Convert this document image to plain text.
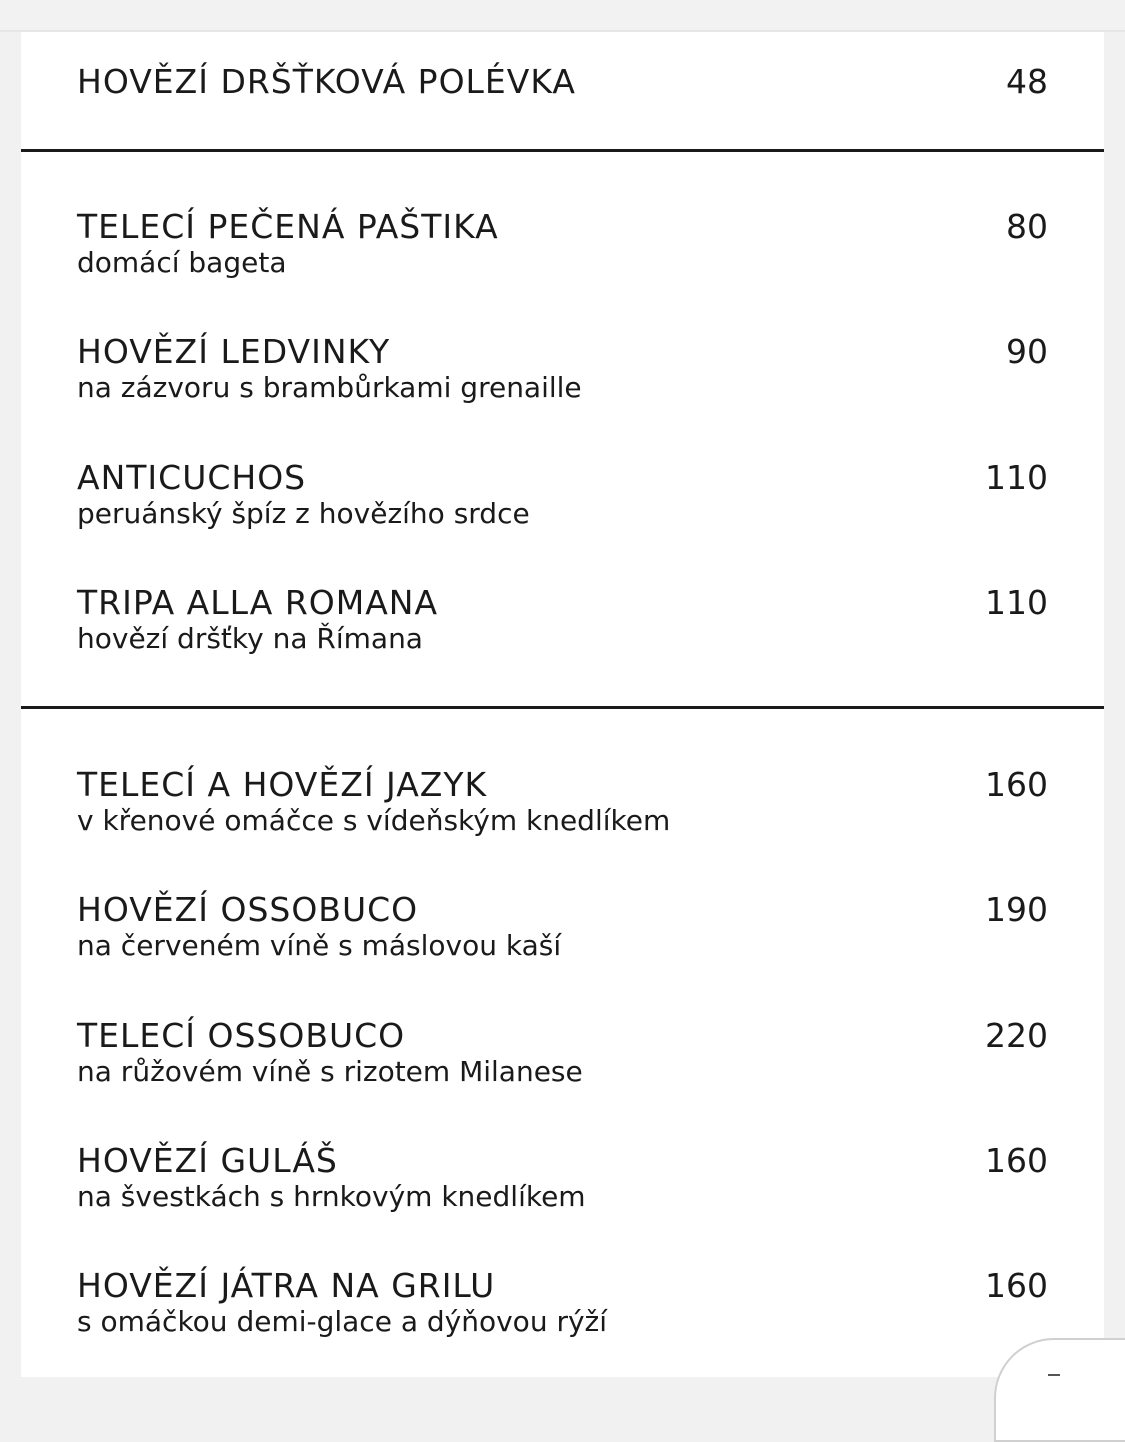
HOVĚZÍ DRŠŤKOVÁ POLÉVKA	48
TELECÍ PEČENÁ PAŠTIKA
domácí bageta
80
HOVĚZÍ LEDVINKY
na zázvoru s brambůrkami grenaille
90
ANTICUCHOS
peruánský špíz z hovězího srdce
110
TRIPA ALLA ROMANA
hovězí dršťky na Římana
110
TELECÍ A HOVĚZÍ JAZYK
v křenové omáčce s vídeňským knedlíkem
160
HOVĚZÍ OSSOBUCO
na červeném víně s máslovou kaší
190
TELECÍ OSSOBUCO
na růžovém víně s rizotem Milanese
220
HOVĚZÍ GULÁŠ
na švestkách s hrnkovým knedlíkem
160
HOVĚZÍ JÁTRA NA GRILU
s omáčkou demi-glace a dýňovou rýží
160
